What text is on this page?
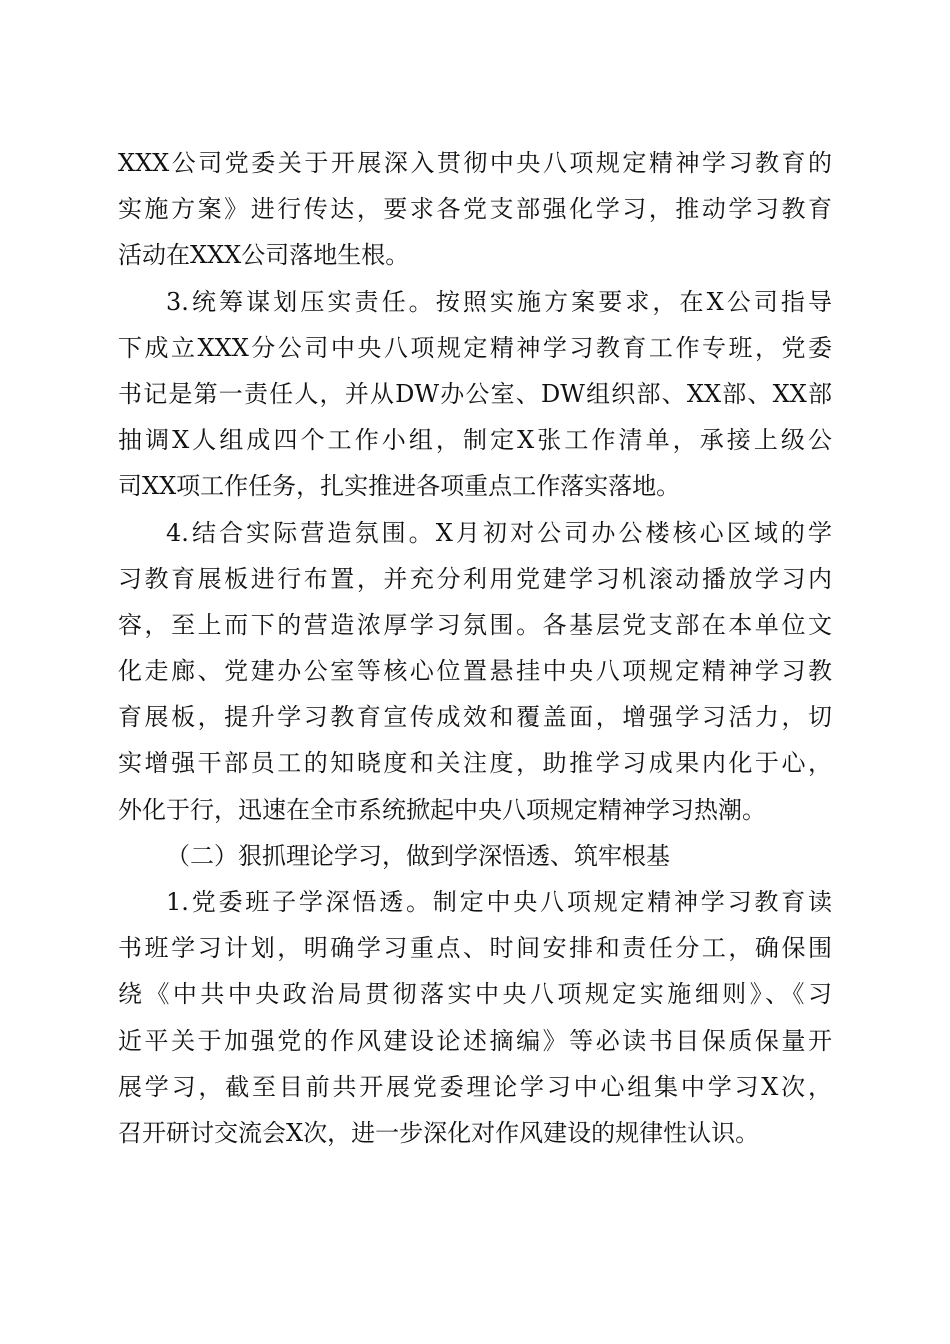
XXX公司党委关于开展深入贯彻中央八项规定精神学习教育的
实施方案》进行传达，要求各党支部强化学习，推动学习教育
活动在XXX公司落地生根。
3.统筹谋划压实责任。按照实施方案要求，在X公司指导
下成立XXX分公司中央八项规定精神学习教育工作专班，党委
书记是第一责任人，并从DW办公室、DW组织部、XX部、XX部
抽调X人组成四个工作小组，制定X张工作清单，承接上级公
司XX项工作任务，扎实推进各项重点工作落实落地。
4.结合实际营造氛围。X月初对公司办公楼核心区域的学
习教育展板进行布置，并充分利用党建学习机滚动播放学习内
容，至上而下的营造浓厚学习氛围。各基层党支部在本单位文
化走廊、党建办公室等核心位置悬挂中央八项规定精神学习教
育展板，提升学习教育宣传成效和覆盖面，增强学习活力，切
实增强干部员工的知晓度和关注度，助推学习成果内化于心，
外化于行，迅速在全市系统掀起中央八项规定精神学习热潮。
（二）狠抓理论学习，做到学深悟透、筑牢根基
1.党委班子学深悟透。制定中央八项规定精神学习教育读
书班学习计划，明确学习重点、时间安排和责任分工，确保围
绕《中共中央政治局贯彻落实中央八项规定实施细则》、《习
近平关于加强党的作风建设论述摘编》等必读书目保质保量开
展学习，截至目前共开展党委理论学习中心组集中学习X次，
召开研讨交流会X次，进一步深化对作风建设的规律性认识。
